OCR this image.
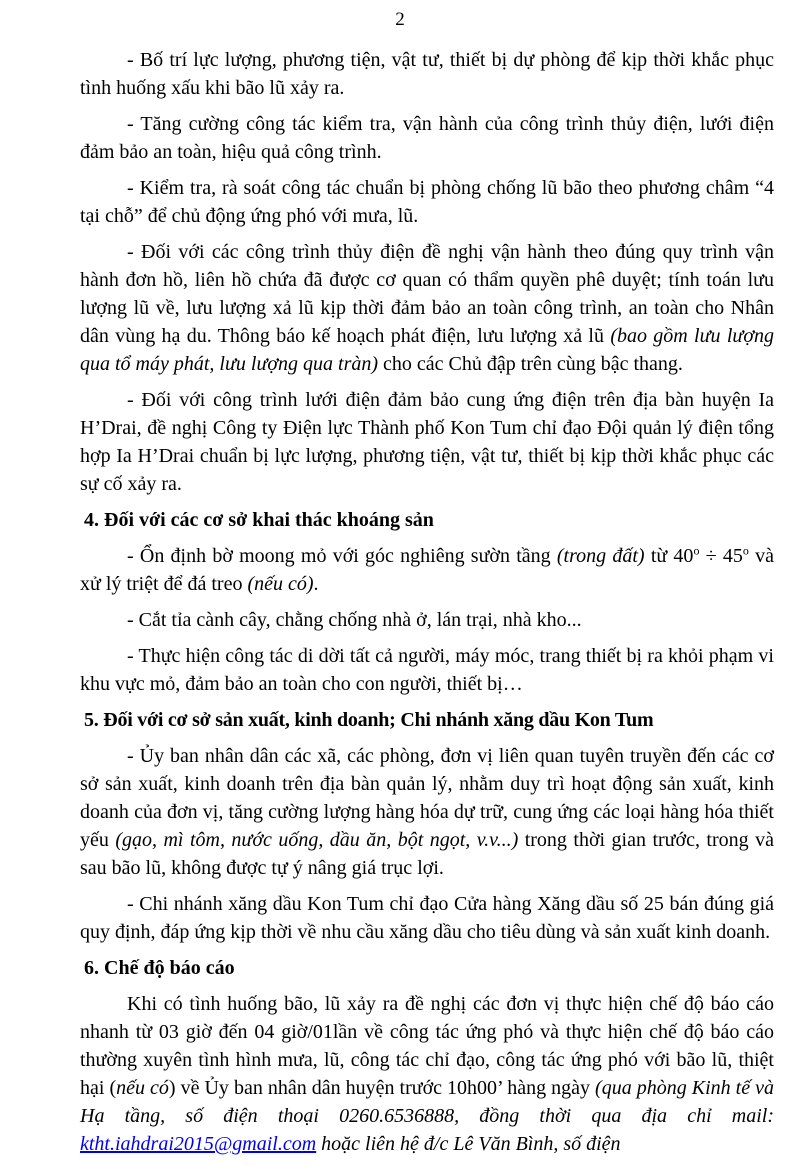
2

- Bố trí lực lượng, phương tiện, vật tư, thiết bị dự phòng để kịp thời khắc phục tình huống xấu khi bão lũ xảy ra.

- Tăng cường công tác kiểm tra, vận hành của công trình thủy điện, lưới điện đảm bảo an toàn, hiệu quả công trình.

- Kiểm tra, rà soát công tác chuẩn bị phòng chống lũ bão theo phương châm “4 tại chỗ” để chủ động ứng phó với mưa, lũ.

- Đối với các công trình thủy điện đề nghị vận hành theo đúng quy trình vận hành đơn hồ, liên hồ chứa đã được cơ quan có thẩm quyền phê duyệt; tính toán lưu lượng lũ về, lưu lượng xả lũ kịp thời đảm bảo an toàn công trình, an toàn cho Nhân dân vùng hạ du. Thông báo kế hoạch phát điện, lưu lượng xả lũ (bao gồm lưu lượng qua tổ máy phát, lưu lượng qua tràn) cho các Chủ đập trên cùng bậc thang.

- Đối với công trình lưới điện đảm bảo cung ứng điện trên địa bàn huyện Ia H’Drai, đề nghị Công ty Điện lực Thành phố Kon Tum chỉ đạo Đội quản lý điện tổng hợp Ia H’Drai chuẩn bị lực lượng, phương tiện, vật tư, thiết bị kịp thời khắc phục các sự cố xảy ra.

4. Đối với các cơ sở khai thác khoáng sản

- Ổn định bờ moong mỏ với góc nghiêng sườn tầng (trong đất) từ $40^o \div 45^o$ và xử lý triệt để đá treo (nếu có).

- Cắt tỉa cành cây, chằng chống nhà ở, lán trại, nhà kho...

- Thực hiện công tác di dời tất cả người, máy móc, trang thiết bị ra khỏi phạm vi khu vực mỏ, đảm bảo an toàn cho con người, thiết bị…

5. Đối với cơ sở sản xuất, kinh doanh; Chi nhánh xăng dầu Kon Tum

- Ủy ban nhân dân các xã, các phòng, đơn vị liên quan tuyên truyền đến các cơ sở sản xuất, kinh doanh trên địa bàn quản lý, nhằm duy trì hoạt động sản xuất, kinh doanh của đơn vị, tăng cường lượng hàng hóa dự trữ, cung ứng các loại hàng hóa thiết yếu (gạo, mì tôm, nước uống, dầu ăn, bột ngọt, v.v...) trong thời gian trước, trong và sau bão lũ, không được tự ý nâng giá trục lợi.

- Chi nhánh xăng dầu Kon Tum chỉ đạo Cửa hàng Xăng dầu số 25 bán đúng giá quy định, đáp ứng kịp thời về nhu cầu xăng dầu cho tiêu dùng và sản xuất kinh doanh.

6. Chế độ báo cáo

Khi có tình huống bão, lũ xảy ra đề nghị các đơn vị thực hiện chế độ báo cáo nhanh từ 03 giờ đến 04 giờ/01lần về công tác ứng phó và thực hiện chế độ báo cáo thường xuyên tình hình mưa, lũ, công tác chỉ đạo, công tác ứng phó với bão lũ, thiệt hại (nếu có) về Ủy ban nhân dân huyện trước 10h00’ hàng ngày (qua phòng Kinh tế và Hạ tầng, số điện thoại 0260.6536888, đồng thời qua địa chỉ mail: ktht.iahdrai2015@gmail.com hoặc liên hệ đ/c Lê Văn Bình, số điện
